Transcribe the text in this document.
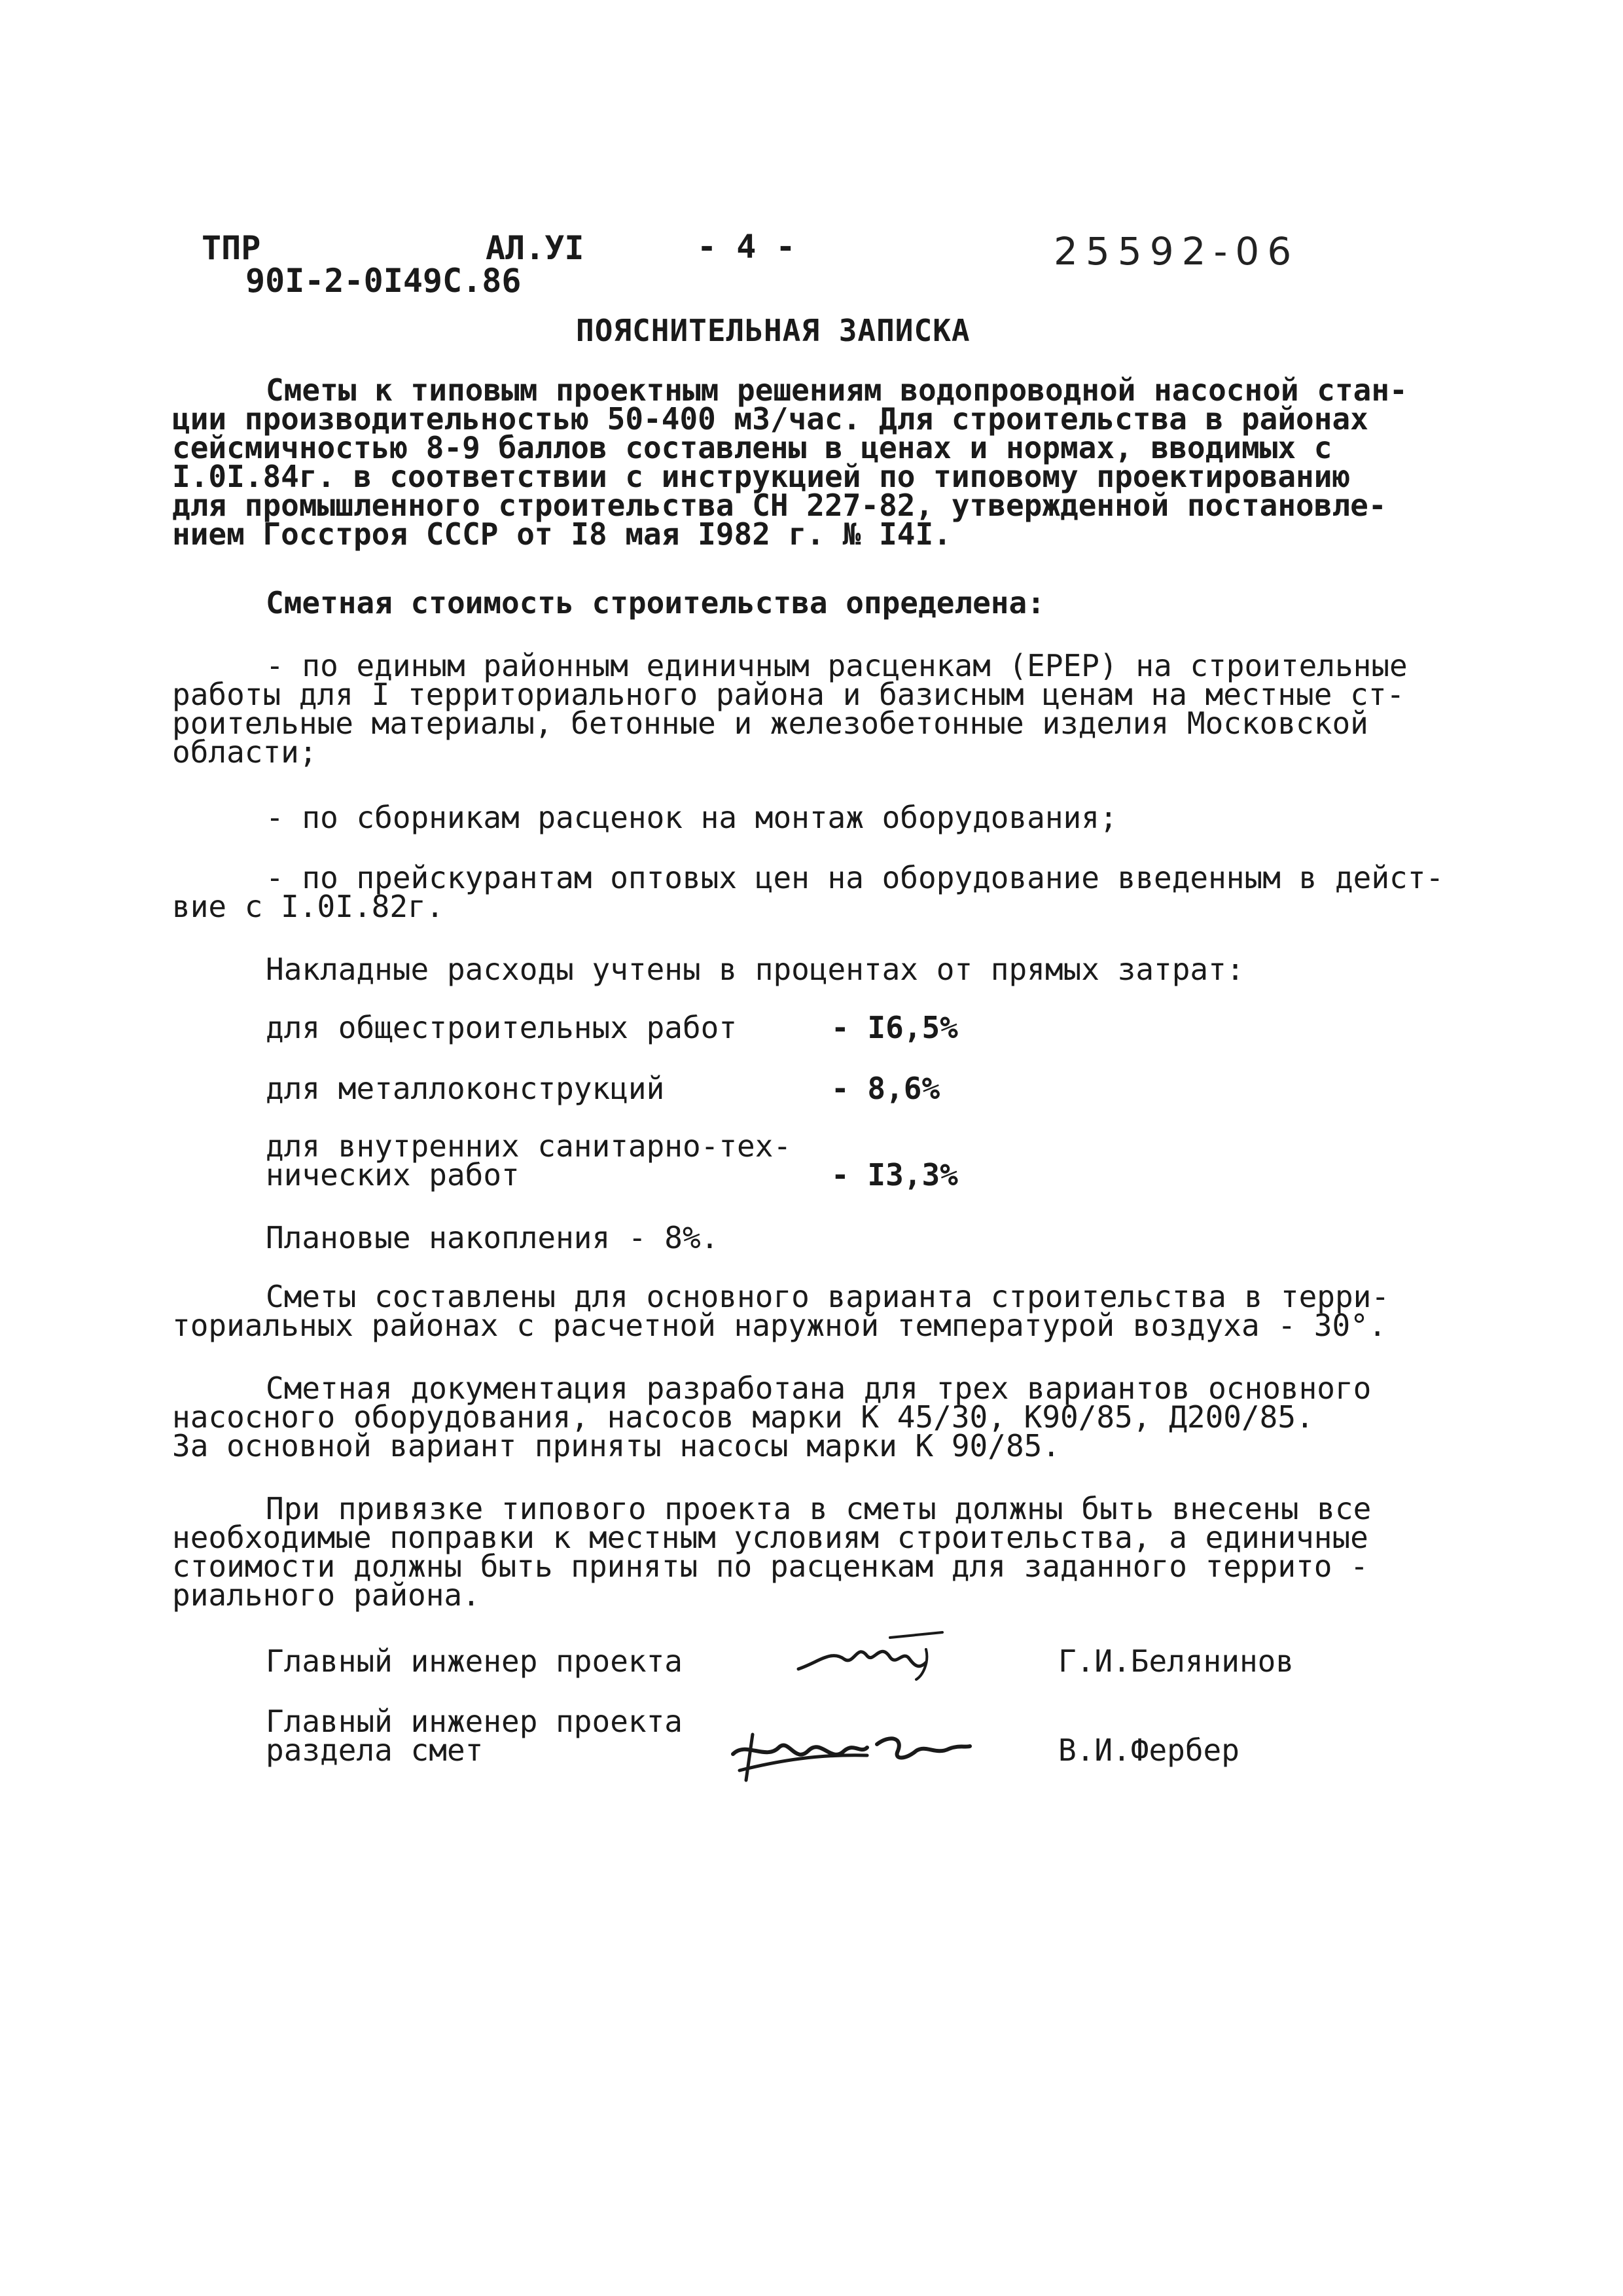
ТПР	АЛ.УІ	- 4 -	25592-06
90I-2-0I49С.86
ПОЯСНИТЕЛЬНАЯ ЗАПИСКА
Сметы к типовым проектным решениям водопроводной насосной стан-
ции производительностью 50-400 м3/час. Для строительства в районах
сейсмичностью 8-9 баллов составлены в ценах и нормах, вводимых с
I.0I.84г. в соответствии с инструкцией по типовому проектированию
для промышленного строительства СН 227-82, утвержденной постановле-
нием Госстроя СССР от I8 мая I982 г. № I4I.
Сметная стоимость строительства определена:
- по единым районным единичным расценкам (ЕРЕР) на строительные
работы для I территориального района и базисным ценам на местные ст-
роительные материалы, бетонные и железобетонные изделия Московской
области;
- по сборникам расценок на монтаж оборудования;
- по прейскурантам оптовых цен на оборудование введенным в дейст-
вие с I.0I.82г.
Накладные расходы учтены в процентах от прямых затрат:
для общестроительных работ	- I6,5%
для металлоконструкций	- 8,6%
для внутренних санитарно-тех-
нических работ	- I3,3%
Плановые накопления - 8%.
Сметы составлены для основного варианта строительства в терри-
ториальных районах с расчетной наружной температурой воздуха - 30°.
Сметная документация разработана для трех вариантов основного
насосного оборудования, насосов марки К 45/30, К90/85, Д200/85.
За основной вариант приняты насосы марки К 90/85.
При привязке типового проекта в сметы должны быть внесены все
необходимые поправки к местным условиям строительства, а единичные
стоимости должны быть приняты по расценкам для заданного террито -
риального района.
Главный инженер проекта	Г.И.Белянинов
Главный инженер проекта
раздела смет	В.И.Фербер
